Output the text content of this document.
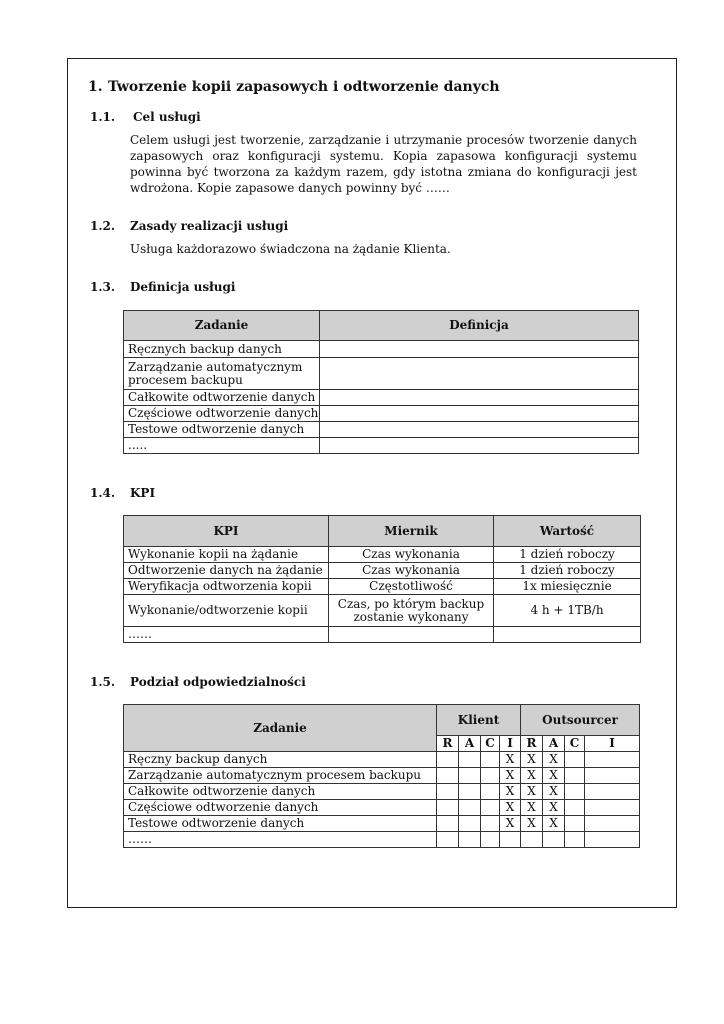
1. Tworzenie kopii zapasowych i odtworzenie danych
1.1. Cel usługi
Celem usługi jest tworzenie, zarządzanie i utrzymanie procesów tworzenie danych zapasowych oraz konfiguracji systemu. Kopia zapasowa konfiguracji systemu powinna być tworzona za każdym razem, gdy istotna zmiana do konfiguracji jest wdrożona. Kopie zapasowe danych powinny być ……
1.2. Zasady realizacji usługi
Usługa każdorazowo świadczona na żądanie Klienta.
1.3. Definicja usługi
Zadanie	Definicja
Ręcznych backup danych	
Zarządzanie automatycznym procesem backupu	
Całkowite odtworzenie danych	
Częściowe odtworzenie danych	
Testowe odtworzenie danych	
.....	
1.4. KPI
KPI	Miernik	Wartość
Wykonanie kopii na żądanie	Czas wykonania	1 dzień roboczy
Odtworzenie danych na żądanie	Czas wykonania	1 dzień roboczy
Weryfikacja odtworzenia kopii	Częstotliwość	1x miesięcznie
Wykonanie/odtworzenie kopii	Czas, po którym backup zostanie wykonany	4 h + 1TB/h
……		
1.5. Podział odpowiedzialności
Zadanie	Klient				Outsourcer			
	R	A	C	I	R	A	C	I
Ręczny backup danych				X	X	X		
Zarządzanie automatycznym procesem backupu				X	X	X		
Całkowite odtworzenie danych				X	X	X		
Częściowe odtworzenie danych				X	X	X		
Testowe odtworzenie danych				X	X	X		
……								
